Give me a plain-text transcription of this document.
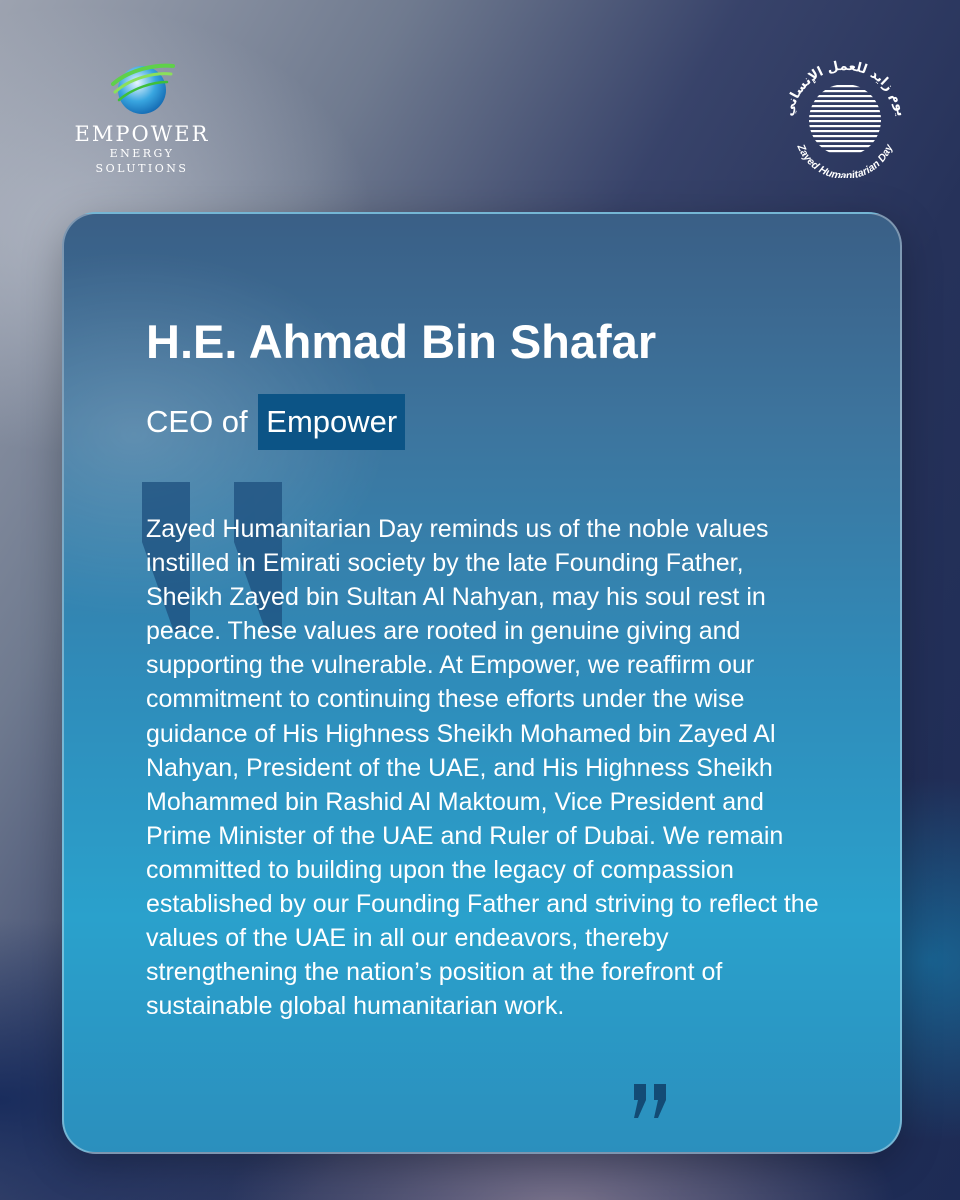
EMPOWER
ENERGY
SOLUTIONS
يوم زايد للعمل الإنساني
Zayed Humanitarian Day
H.E. Ahmad Bin Shafar
CEO of Empower

Zayed Humanitarian Day reminds us of the noble values instilled in Emirati society by the late Founding Father, Sheikh Zayed bin Sultan Al Nahyan, may his soul rest in peace. These values are rooted in genuine giving and supporting the vulnerable. At Empower, we reaffirm our commitment to continuing these efforts under the wise guidance of His Highness Sheikh Mohamed bin Zayed Al Nahyan, President of the UAE, and His Highness Sheikh Mohammed bin Rashid Al Maktoum, Vice President and Prime Minister of the UAE and Ruler of Dubai. We remain committed to building upon the legacy of compassion established by our Founding Father and striving to reflect the values of the UAE in all our endeavors, thereby strengthening the nation’s position at the forefront of sustainable global humanitarian work.
